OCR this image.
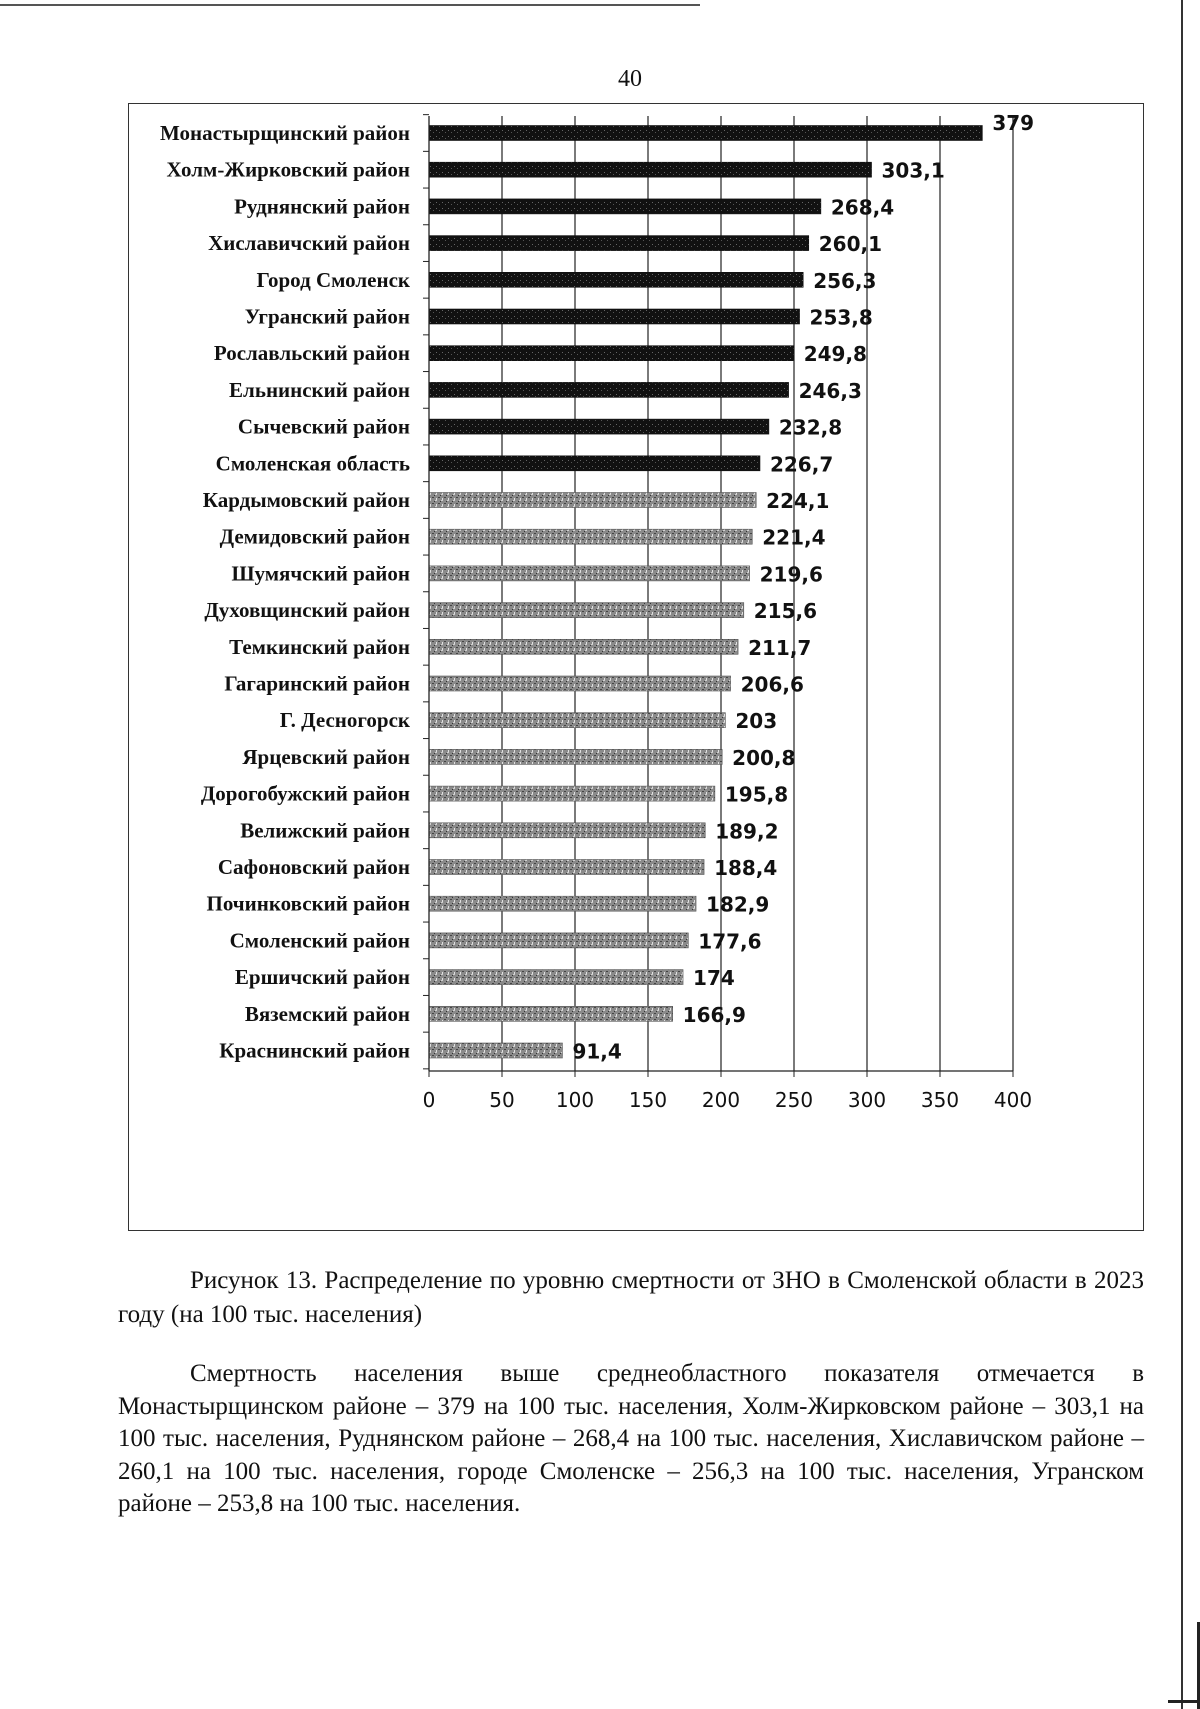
40
Монастырщинский район
Холм-Жирковский район
Руднянский район
Хиславичский район
Город Смоленск
Угранский район
Рославльский район
Ельнинский район
Сычевский район
Смоленская область
Кардымовский район
Демидовский район
Шумячский район
Духовщинский район
Темкинский район
Гагаринский район
Г. Десногорск
Ярцевский район
Дорогобужский район
Велижский район
Сафоновский район
Починковский район
Смоленский район
Ершичский район
Вяземский район
Краснинский район
379
303,1
268,4
260,1
256,3
253,8
249,8
246,3
232,8
226,7
224,1
221,4
219,6
215,6
211,7
206,6
203
200,8
195,8
189,2
188,4
182,9
177,6
174
166,9
91,4
0	50 100 150 200 250 300 350 400
Рисунок 13. Распределение по уровню смертности от ЗНО в Смоленской области в 2023 году (на 100 тыс. населения)
Смертность населения выше среднеобластного показателя отмечается в Монастырщинском районе – 379 на 100 тыс. населения, Холм-Жирковском районе – 303,1 на 100 тыс. населения, Руднянском районе – 268,4 на 100 тыс. населения, Хиславичском районе – 260,1 на 100 тыс. населения, городе Смоленске – 256,3 на 100 тыс. населения, Угранском районе – 253,8 на 100 тыс. населения.
